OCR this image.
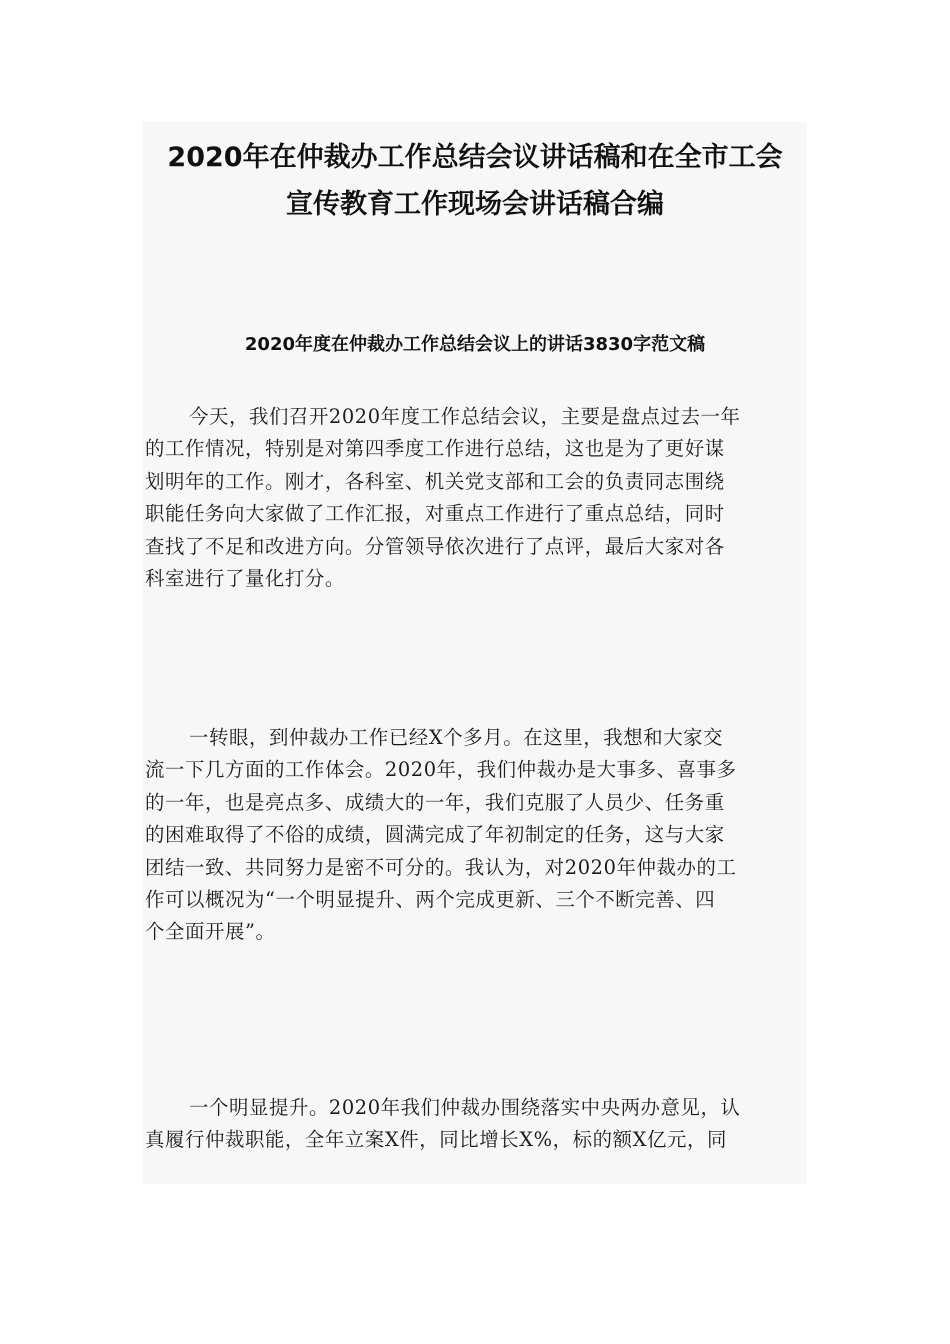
2020年在仲裁办工作总结会议讲话稿和在全市工会
宣传教育工作现场会讲话稿合编
2020年度在仲裁办工作总结会议上的讲话3830字范文稿
今天，我们召开2020年度工作总结会议，主要是盘点过去一年
的工作情况，特别是对第四季度工作进行总结，这也是为了更好谋
划明年的工作。刚才，各科室、机关党支部和工会的负责同志围绕
职能任务向大家做了工作汇报，对重点工作进行了重点总结，同时
查找了不足和改进方向。分管领导依次进行了点评，最后大家对各
科室进行了量化打分。
一转眼，到仲裁办工作已经X个多月。在这里，我想和大家交
流一下几方面的工作体会。2020年，我们仲裁办是大事多、喜事多
的一年，也是亮点多、成绩大的一年，我们克服了人员少、任务重
的困难取得了不俗的成绩，圆满完成了年初制定的任务，这与大家
团结一致、共同努力是密不可分的。我认为，对2020年仲裁办的工
作可以概况为“一个明显提升、两个完成更新、三个不断完善、四
个全面开展”。
一个明显提升。2020年我们仲裁办围绕落实中央两办意见，认
真履行仲裁职能，全年立案X件，同比增长X%，标的额X亿元，同
